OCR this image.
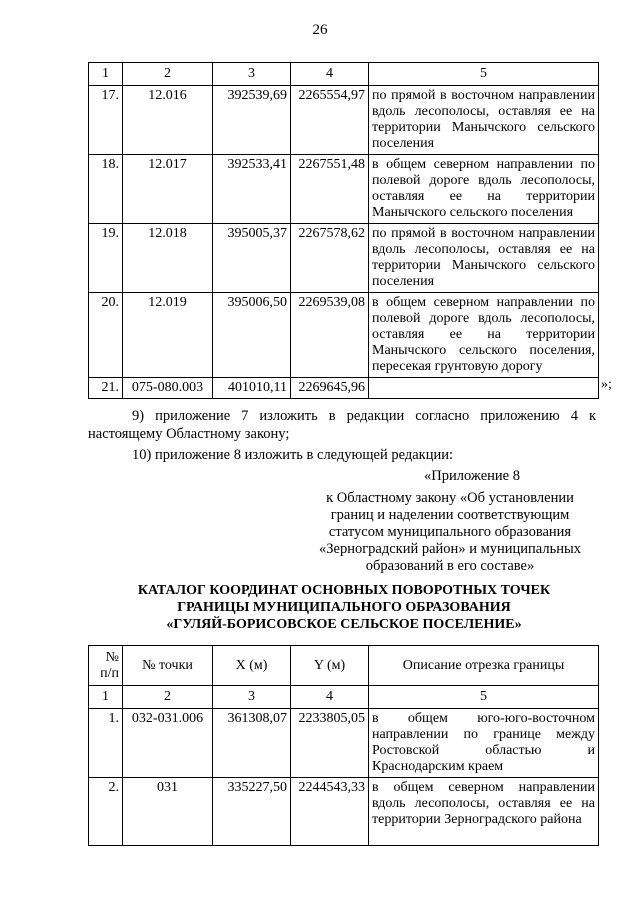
26
1	2	3	4	5
17.	12.016	392539,69	2265554,97	по прямой в восточном направлении вдоль лесополосы, оставляя ее на территории Манычского сельского поселения
18.	12.017	392533,41	2267551,48	в общем северном направлении по полевой дороге вдоль лесополосы, оставляя ее на территории Манычского сельского поселения
19.	12.018	395005,37	2267578,62	по прямой в восточном направлении вдоль лесополосы, оставляя ее на территории Манычского сельского поселения
20.	12.019	395006,50	2269539,08	в общем северном направлении по полевой дороге вдоль лесополосы, оставляя ее на территории Манычского сельского поселения, пересекая грунтовую дорогу
21.	075-080.003	401010,11	2269645,96		»;
9) приложение 7 изложить в редакции согласно приложению 4 к настоящему Областному закону;
10) приложение 8 изложить в следующей редакции:
«Приложение 8
к Областному закону «Об установлении
границ и наделении соответствующим
статусом муниципального образования
«Зерноградский район» и муниципальных
образований в его составе»
КАТАЛОГ КООРДИНАТ ОСНОВНЫХ ПОВОРОТНЫХ ТОЧЕК
ГРАНИЦЫ МУНИЦИПАЛЬНОГО ОБРАЗОВАНИЯ
«ГУЛЯЙ-БОРИСОВСКОЕ СЕЛЬСКОЕ ПОСЕЛЕНИЕ»
№
п/п	№ точки	X (м)	Y (м)	Описание отрезка границы
1	2	3	4	5
1.	032-031.006	361308,07	2233805,05	в общем юго-юго-восточном направлении по границе между Ростовской областью и Краснодарским краем
2.	031	335227,50	2244543,33	в общем северном направлении вдоль лесополосы, оставляя ее на территории Зерноградского района
